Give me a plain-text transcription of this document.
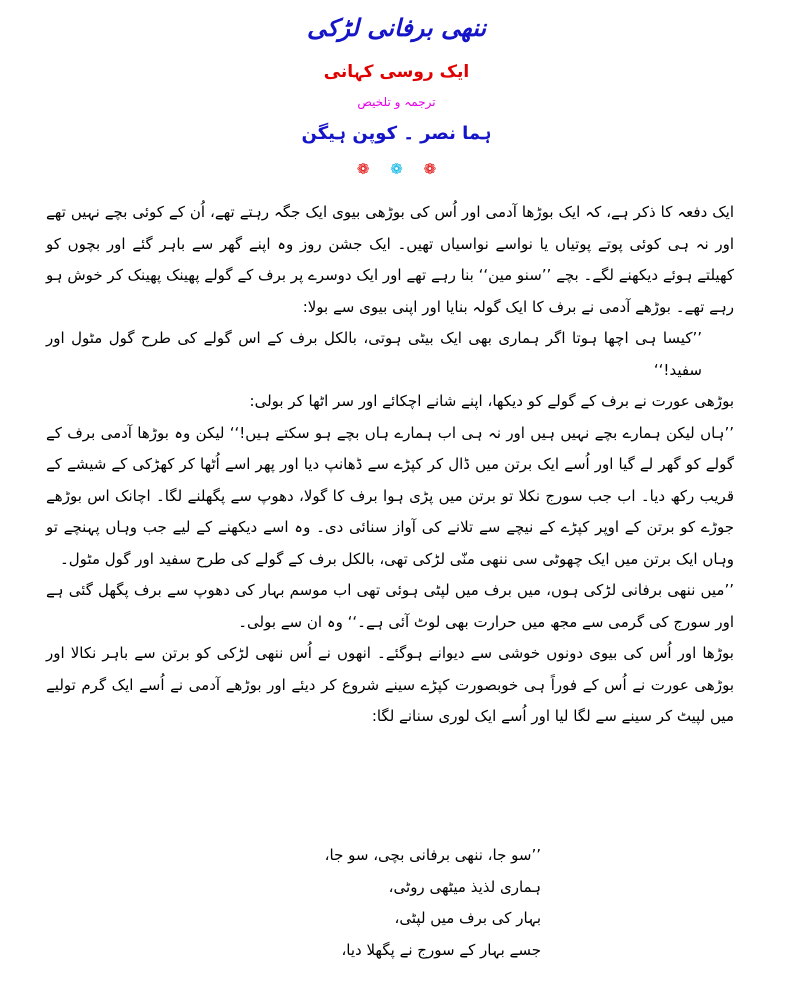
ننھی برفانی لڑکی
ایک روسی کہانی
ترجمہ و تلخیص
ہما نصر ۔ کوپن ہیگن
❁ ❁ ❁

ایک دفعہ کا ذکر ہے، کہ ایک بوڑھا آدمی اور اُس کی بوڑھی بیوی ایک جگہ رہتے تھے، اُن کے کوئی بچے نہیں تھے اور نہ ہی کوئی پوتے پوتیاں یا نواسے نواسیاں تھیں۔ ایک جشن روز وہ اپنے گھر سے باہر گئے اور بچوں کو کھیلتے ہوئے دیکھنے لگے۔ بچے ’’سنو مین‘‘ بنا رہے تھے اور ایک دوسرے پر برف کے گولے پھینک پھینک کر خوش ہو رہے تھے۔ بوڑھے آدمی نے برف کا ایک گولہ بنایا اور اپنی بیوی سے بولا:

’’کیسا ہی اچھا ہوتا اگر ہماری بھی ایک بیٹی ہوتی، بالکل برف کے اس گولے کی طرح گول مٹول اور سفید!‘‘

بوڑھی عورت نے برف کے گولے کو دیکھا، اپنے شانے اچکائے اور سر اٹھا کر بولی:

’’ہاں لیکن ہمارے بچے نہیں ہیں اور نہ ہی اب ہمارے ہاں بچے ہو سکتے ہیں!‘‘ لیکن وہ بوڑھا آدمی برف کے گولے کو گھر لے گیا اور اُسے ایک برتن میں ڈال کر کپڑے سے ڈھانپ دیا اور پھر اسے اُٹھا کر کھڑکی کے شیشے کے قریب رکھ دیا۔ اب جب سورج نکلا تو برتن میں پڑی ہوا برف کا گولا، دھوپ سے پگھلنے لگا۔ اچانک اس بوڑھے جوڑے کو برتن کے اوپر کپڑے کے نیچے سے تلانے کی آواز سنائی دی۔ وہ اسے دیکھنے کے لیے جب وہاں پہنچے تو وہاں ایک برتن میں ایک چھوٹی سی ننھی منّی لڑکی تھی، بالکل برف کے گولے کی طرح سفید اور گول مٹول۔

’’میں ننھی برفانی لڑکی ہوں، میں برف میں لپٹی ہوئی تھی اب موسم بہار کی دھوپ سے برف پگھل گئی ہے اور سورج کی گرمی سے مجھ میں حرارت بھی لوٹ آئی ہے۔‘‘ وہ ان سے بولی۔

بوڑھا اور اُس کی بیوی دونوں خوشی سے دیوانے ہوگئے۔ انھوں نے اُس ننھی لڑکی کو برتن سے باہر نکالا اور بوڑھی عورت نے اُس کے فوراً ہی خوبصورت کپڑے سینے شروع کر دیئے اور بوڑھے آدمی نے اُسے ایک گرم تولیے میں لپیٹ کر سینے سے لگا لیا اور اُسے ایک لوری سنانے لگا:

’’سو جا، ننھی برفانی بچی، سو جا،
ہماری لذیذ میٹھی روٹی،
بہار کی برف میں لپٹی،
جسے بہار کے سورج نے پگھلا دیا،
